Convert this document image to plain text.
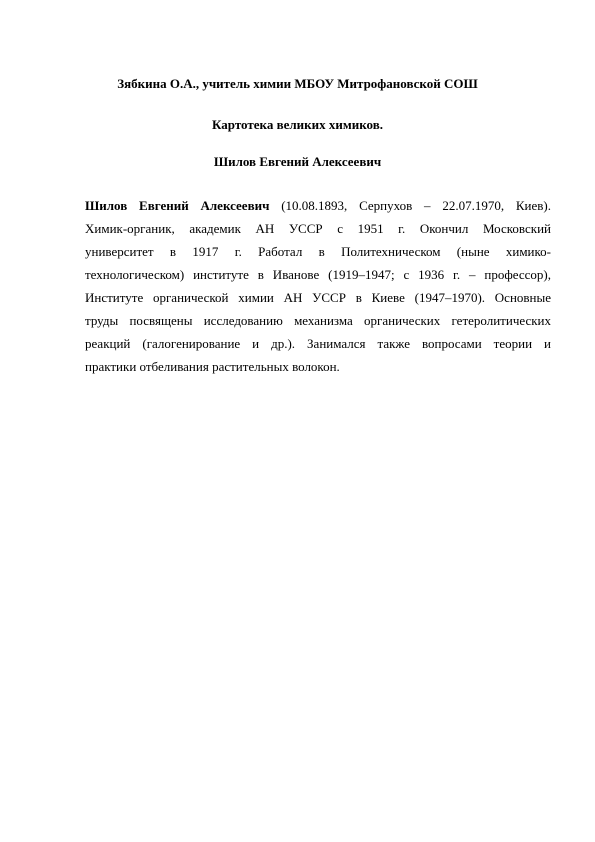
Зябкина О.А., учитель химии МБОУ Митрофановской СОШ
Картотека великих химиков.
Шилов Евгений Алексеевич
Шилов Евгений Алексеевич (10.08.1893, Серпухов – 22.07.1970, Киев).
Химик-органик, академик АН УССР с 1951 г. Окончил Московский
университет в 1917 г. Работал в Политехническом (ныне химико-
технологическом) институте в Иванове (1919–1947; с 1936 г. – профессор),
Институте органической химии АН УССР в Киеве (1947–1970). Основные
труды посвящены исследованию механизма органических гетеролитических
реакций (галогенирование и др.). Занимался также вопросами теории и
практики отбеливания растительных волокон.
